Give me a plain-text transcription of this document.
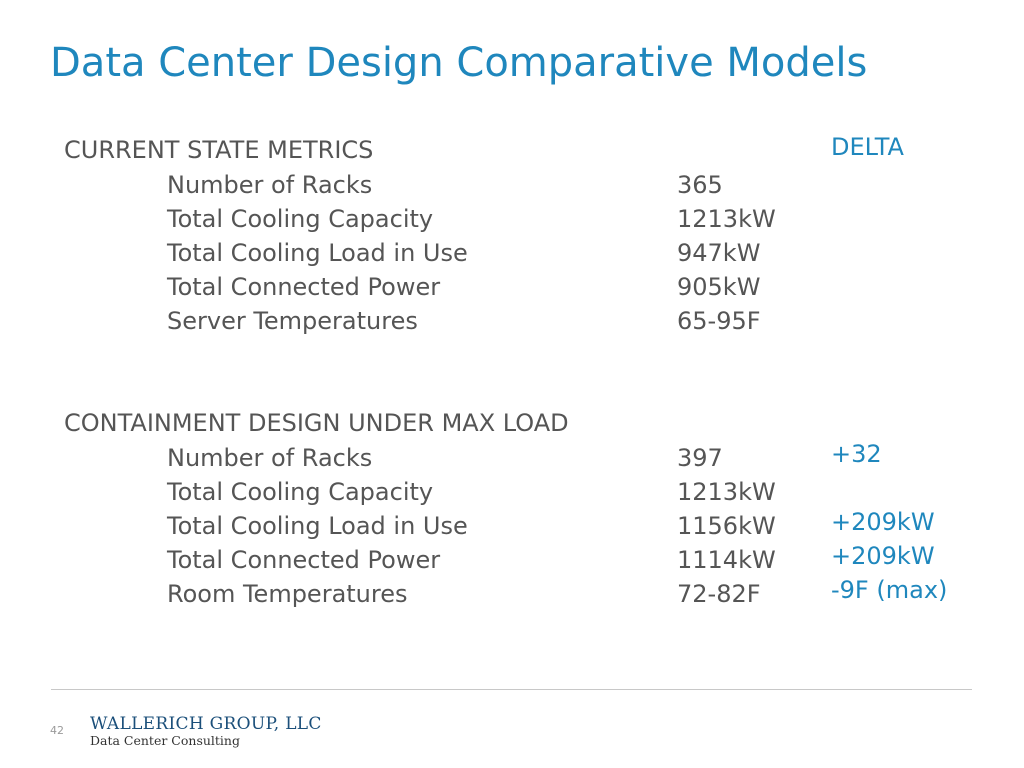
Data Center Design Comparative Models
DELTA
CURRENT STATE METRICS
Number of Racks	365
Total Cooling Capacity	1213kW
Total Cooling Load in Use	947kW
Total Connected Power	905kW
Server Temperatures	65-95F
CONTAINMENT DESIGN UNDER MAX LOAD
Number of Racks	397	+32
Total Cooling Capacity	1213kW
Total Cooling Load in Use	1156kW +209kW
Total Connected Power	1114kW +209kW
Room Temperatures	72-82F	-9F (max)
42 WALLERICH GROUP, LLC
Data Center Consulting
